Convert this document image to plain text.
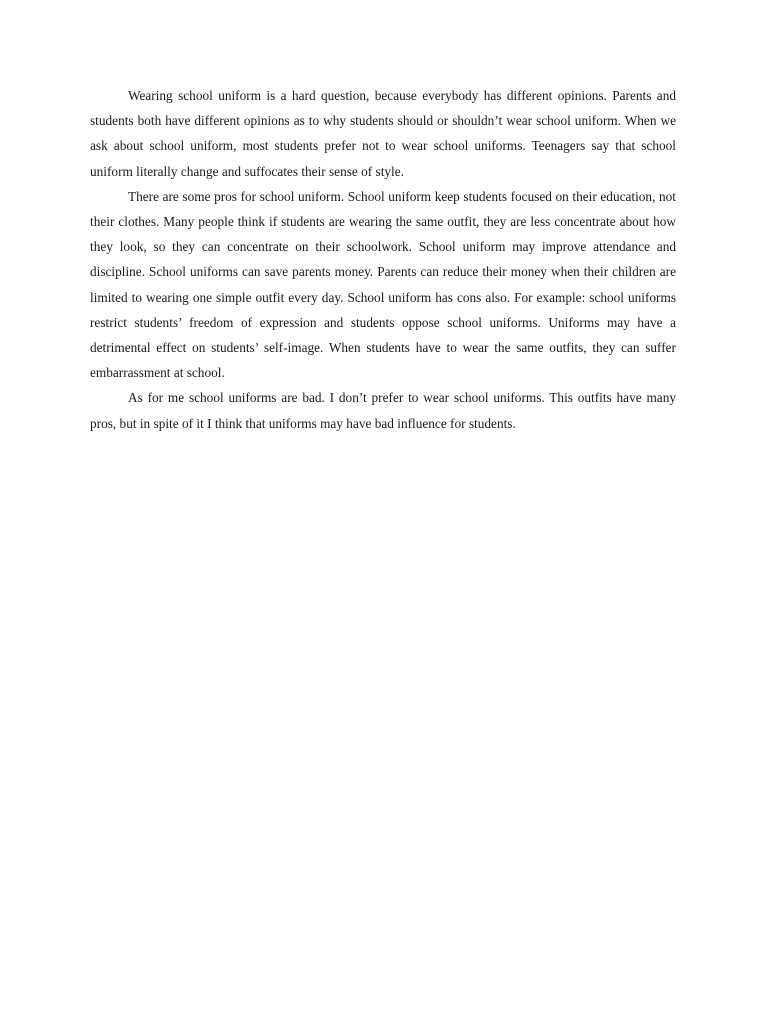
Wearing school uniform is a hard question, because everybody has different opinions. Parents and students both have different opinions as to why students should or shouldn’t wear school uniform. When we ask about school uniform, most students prefer not to wear school uniforms. Teenagers say that school uniform literally change and suffocates their sense of style.

There are some pros for school uniform. School uniform keep students focused on their education, not their clothes. Many people think if students are wearing the same outfit, they are less concentrate about how they look, so they can concentrate on their schoolwork. School uniform may improve attendance and discipline. School uniforms can save parents money. Parents can reduce their money when their children are limited to wearing one simple outfit every day. School uniform has cons also. For example: school uniforms restrict students’ freedom of expression and students oppose school uniforms. Uniforms may have a detrimental effect on students’ self-image. When students have to wear the same outfits, they can suffer embarrassment at school.

As for me school uniforms are bad. I don’t prefer to wear school uniforms. This outfits have many pros, but in spite of it I think that uniforms may have bad influence for students.
